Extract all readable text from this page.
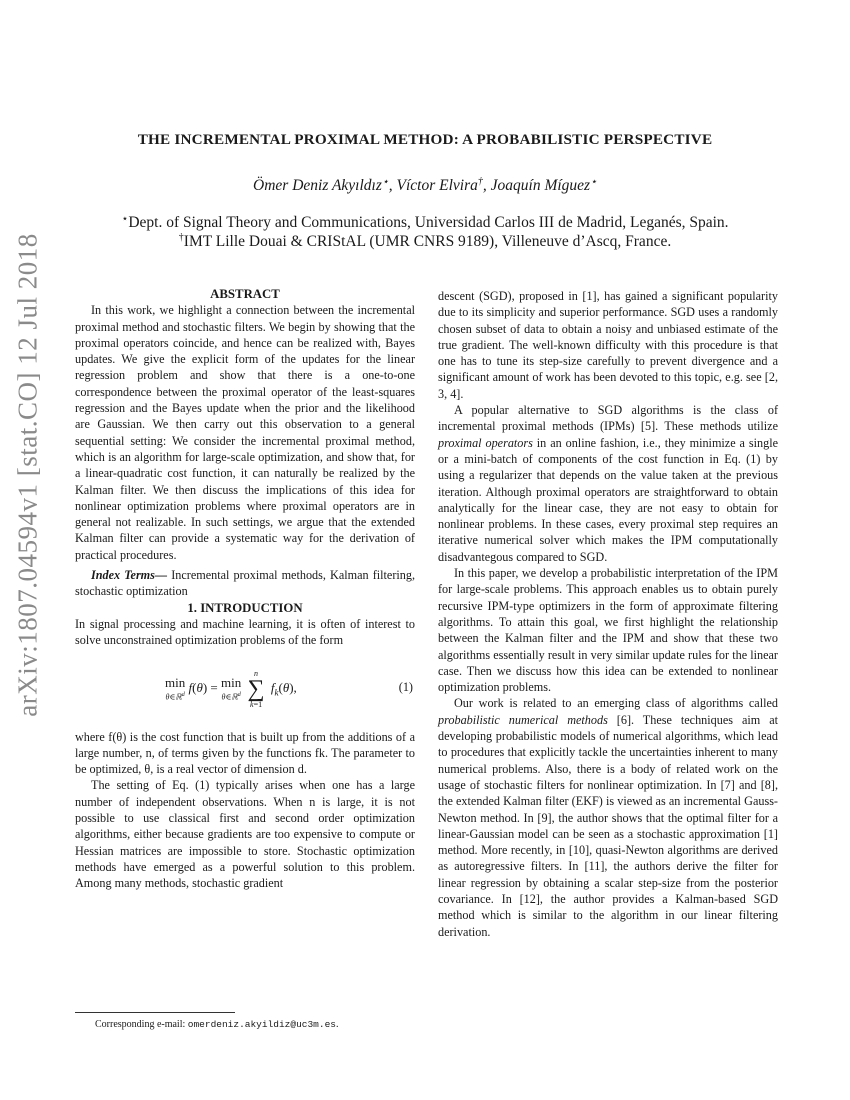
arXiv:1807.04594v1 [stat.CO] 12 Jul 2018
THE INCREMENTAL PROXIMAL METHOD: A PROBABILISTIC PERSPECTIVE
Ömer Deniz Akyıldız⋆, Víctor Elvira†, Joaquín Míguez⋆
⋆Dept. of Signal Theory and Communications, Universidad Carlos III de Madrid, Leganés, Spain.
†IMT Lille Douai & CRIStAL (UMR CNRS 9189), Villeneuve d’Ascq, France.

ABSTRACT

In this work, we highlight a connection between the incremental proximal method and stochastic filters. We begin by showing that the proximal operators coincide, and hence can be realized with, Bayes updates. We give the explicit form of the updates for the linear regression problem and show that there is a one-to-one correspondence between the proximal operator of the least-squares regression and the Bayes update when the prior and the likelihood are Gaussian. We then carry out this observation to a general sequential setting: We consider the incremental proximal method, which is an algorithm for large-scale optimization, and show that, for a linear-quadratic cost function, it can naturally be realized by the Kalman filter. We then discuss the implications of this idea for nonlinear optimization problems where proximal operators are in general not realizable. In such settings, we argue that the extended Kalman filter can provide a systematic way for the derivation of practical procedures.

Index Terms— Incremental proximal methods, Kalman filtering, stochastic optimization

1. INTRODUCTION

In signal processing and machine learning, it is often of interest to solve unconstrained optimization problems of the form

min
θ∈ℝ$^d$
f(θ) = min
θ∈ℝ$^d$

n
∑
k=1
$f_k(\theta)$,	(1)

where f(θ) is the cost function that is built up from the additions of a large number, n, of terms given by the functions fk. The parameter to be optimized, θ, is a real vector of dimension d.

The setting of Eq. (1) typically arises when one has a large number of independent observations. When n is large, it is not possible to use classical first and second order optimization algorithms, either because gradients are too expensive to compute or Hessian matrices are impossible to store. Stochastic optimization methods have emerged as a powerful solution to this problem. Among many methods, stochastic gradient

descent (SGD), proposed in [1], has gained a significant popularity due to its simplicity and superior performance. SGD uses a randomly chosen subset of data to obtain a noisy and unbiased estimate of the true gradient. The well-known difficulty with this procedure is that one has to tune its step-size carefully to prevent divergence and a significant amount of work has been devoted to this topic, e.g. see [2, 3, 4].

A popular alternative to SGD algorithms is the class of incremental proximal methods (IPMs) [5]. These methods utilize proximal operators in an online fashion, i.e., they minimize a single or a mini-batch of components of the cost function in Eq. (1) by using a regularizer that depends on the value taken at the previous iteration. Although proximal operators are straightforward to obtain analytically for the linear case, they are not easy to obtain for nonlinear problems. In these cases, every proximal step requires an iterative numerical solver which makes the IPM computationally disadvantegous compared to SGD.

In this paper, we develop a probabilistic interpretation of the IPM for large-scale problems. This approach enables us to obtain purely recursive IPM-type optimizers in the form of approximate filtering algorithms. To attain this goal, we first highlight the relationship between the Kalman filter and the IPM and show that these two algorithms essentially result in very similar update rules for the linear case. Then we discuss how this idea can be extended to nonlinear optimization problems.

Our work is related to an emerging class of algorithms called probabilistic numerical methods [6]. These techniques aim at developing probabilistic models of numerical algorithms, which lead to procedures that explicitly tackle the uncertainties inherent to many numerical problems. Also, there is a body of related work on the usage of stochastic filters for nonlinear optimization. In [7] and [8], the extended Kalman filter (EKF) is viewed as an incremental Gauss-Newton method. In [9], the author shows that the optimal filter for a linear-Gaussian model can be seen as a stochastic approximation [1] method. More recently, in [10], quasi-Newton algorithms are derived as autoregressive filters. In [11], the authors derive the filter for linear regression by obtaining a scalar step-size from the posterior covariance. In [12], the author provides a Kalman-based SGD method which is similar to the algorithm in our linear filtering derivation.

Corresponding e-mail: omerdeniz.akyildiz@uc3m.es.
